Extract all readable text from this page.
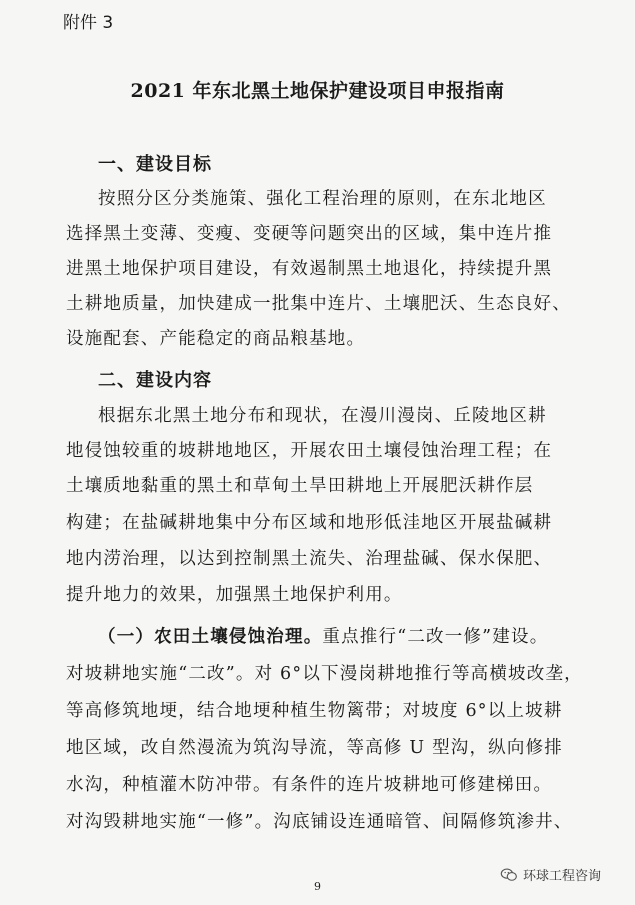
附件 3
2021 年东北黑土地保护建设项目申报指南
一、建设目标
按照分区分类施策、强化工程治理的原则，在东北地区
选择黑土变薄、变瘦、变硬等问题突出的区域，集中连片推
进黑土地保护项目建设，有效遏制黑土地退化，持续提升黑
土耕地质量，加快建成一批集中连片、土壤肥沃、生态良好、
设施配套、产能稳定的商品粮基地。
二、建设内容
根据东北黑土地分布和现状，在漫川漫岗、丘陵地区耕
地侵蚀较重的坡耕地地区，开展农田土壤侵蚀治理工程；在
土壤质地黏重的黑土和草甸土旱田耕地上开展肥沃耕作层
构建；在盐碱耕地集中分布区域和地形低洼地区开展盐碱耕
地内涝治理，以达到控制黑土流失、治理盐碱、保水保肥、
提升地力的效果，加强黑土地保护利用。
（一）农田土壤侵蚀治理。重点推行“二改一修”建设。
对坡耕地实施“二改”。对 6°以下漫岗耕地推行等高横坡改垄，
等高修筑地埂，结合地埂种植生物篱带；对坡度 6°以上坡耕
地区域，改自然漫流为筑沟导流，等高修 U 型沟，纵向修排
水沟，种植灌木防冲带。有条件的连片坡耕地可修建梯田。
对沟毁耕地实施“一修”。沟底铺设连通暗管、间隔修筑渗井、
9
环球工程咨询
